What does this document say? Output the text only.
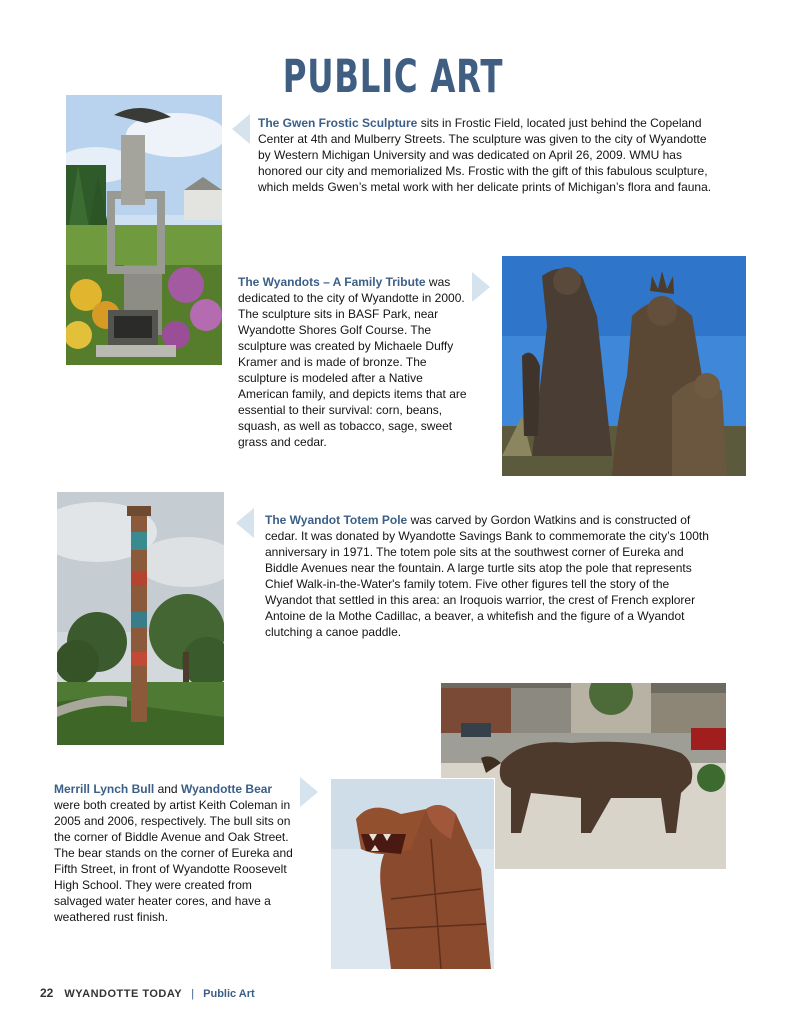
PUBLIC ART
The Gwen Frostic Sculpture sits in Frostic Field, located just behind the Copeland Center at 4th and Mulberry Streets. The sculpture was given to the city of Wyandotte by Western Michigan University and was dedicated on April 26, 2009. WMU has honored our city and memorialized Ms. Frostic with the gift of this fabulous sculpture, which melds Gwen’s metal work with her delicate prints of Michigan’s flora and fauna.
The Wyandots – A Family Tribute was dedicated to the city of Wyandotte in 2000. The sculpture sits in BASF Park, near Wyandotte Shores Golf Course. The sculpture was created by Michaele Duffy Kramer and is made of bronze. The sculpture is modeled after a Native American family, and depicts items that are essential to their survival: corn, beans, squash, as well as tobacco, sage, sweet grass and cedar.
The Wyandot Totem Pole was carved by Gordon Watkins and is constructed of cedar. It was donated by Wyandotte Savings Bank to commemorate the city’s 100th anniversary in 1971. The totem pole sits at the southwest corner of Eureka and Biddle Avenues near the fountain. A large turtle sits atop the pole that represents Chief Walk-in-the-Water's family totem. Five other figures tell the story of the Wyandot that settled in this area: an Iroquois warrior, the crest of French explorer Antoine de la Mothe Cadillac, a beaver, a whitefish and the figure of a Wyandot clutching a canoe paddle.
Merrill Lynch Bull and Wyandotte Bear were both created by artist Keith Coleman in 2005 and 2006, respectively. The bull sits on the corner of Biddle Avenue and Oak Street. The bear stands on the corner of Eureka and Fifth Street, in front of Wyandotte Roosevelt High School. They were created from salvaged water heater cores, and have a weathered rust finish.
22 WYANDOTTE TODAY | Public Art
